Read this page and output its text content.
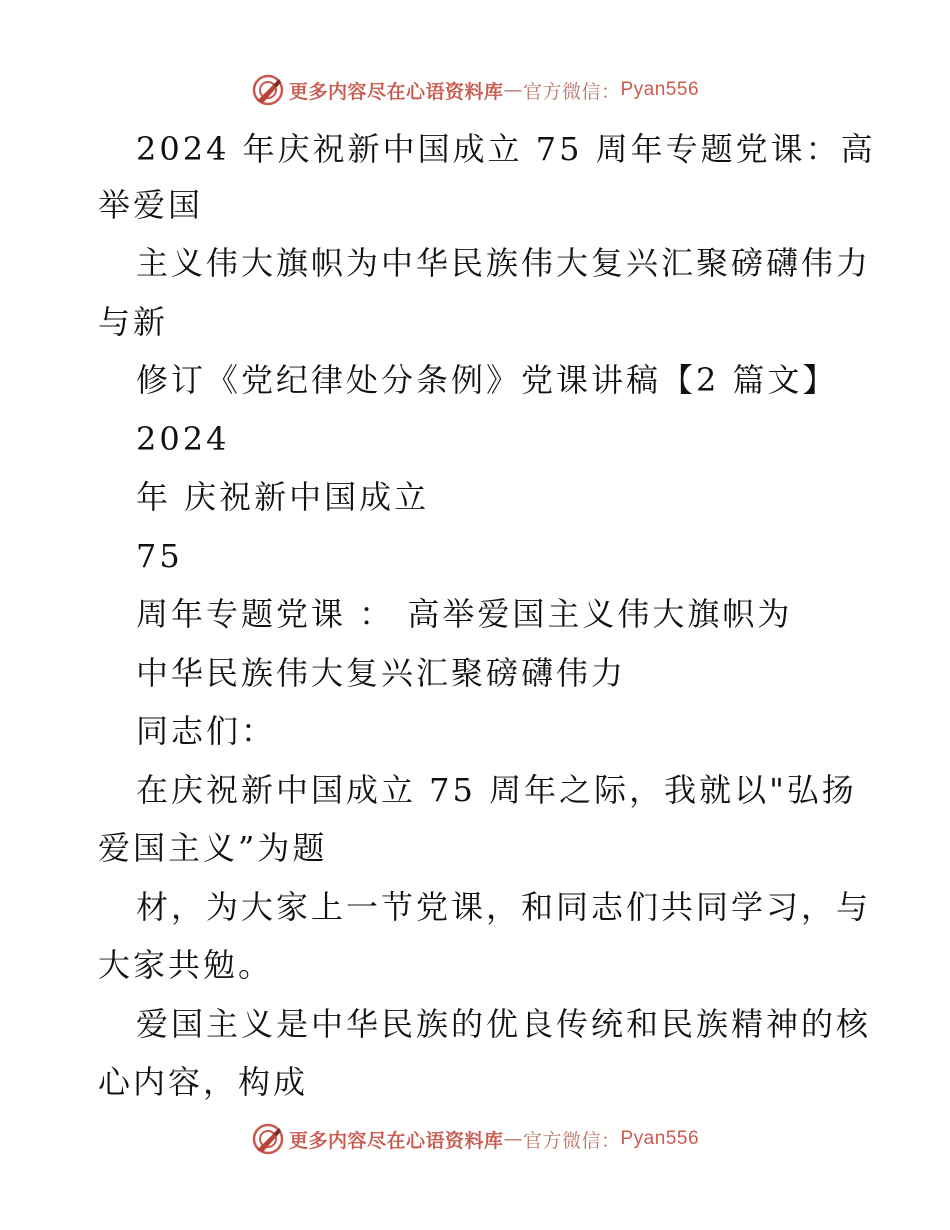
更多内容尽在心语资料库 — 官方微信： Pyan556
2024 年庆祝新中国成立 75 周年专题党课：高
举爱国
主义伟大旗帜为中华民族伟大复兴汇聚磅礴伟力
与新
修订《党纪律处分条例》党课讲稿【2 篇文】
2024
年 庆祝新中国成立
75
周年专题党课 ： 高举爱国主义伟大旗帜为
中华民族伟大复兴汇聚磅礴伟力
同志们：
在庆祝新中国成立 75 周年之际，我就以"弘扬
爱国主义”为题
材，为大家上一节党课，和同志们共同学习，与
大家共勉。
爱国主义是中华民族的优良传统和民族精神的核
心内容，构成
更多内容尽在心语资料库 — 官方微信： Pyan556
